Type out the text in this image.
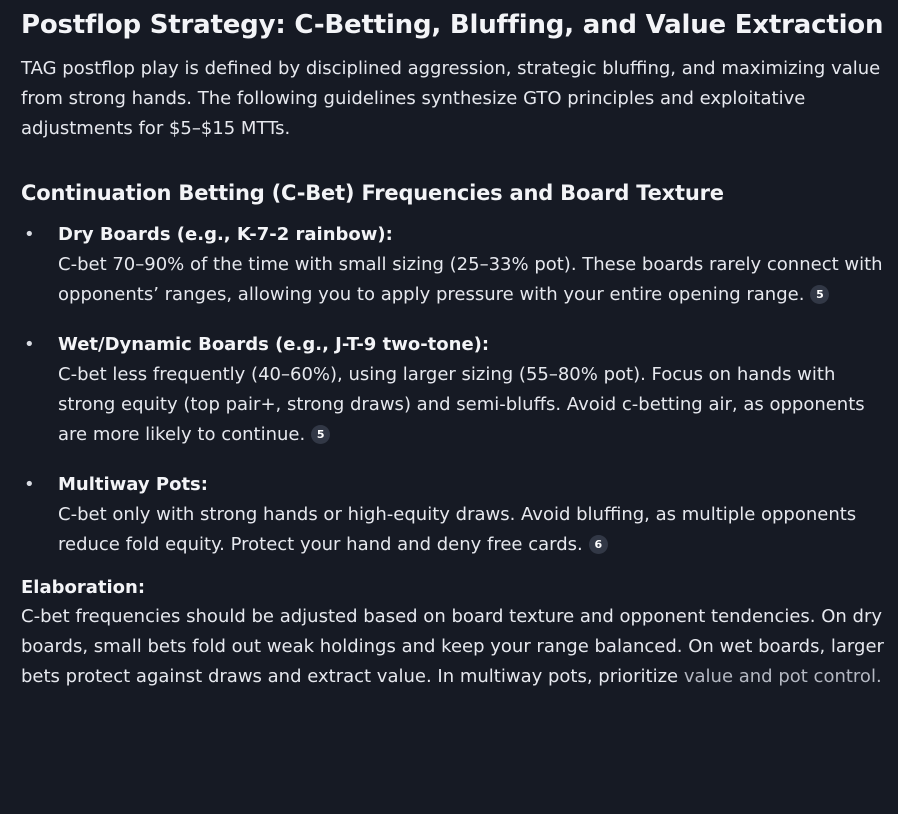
Postflop Strategy: C-Betting, Bluffing, and Value Extraction

TAG postflop play is defined by disciplined aggression, strategic bluffing, and maximizing value from strong hands. The following guidelines synthesize GTO principles and exploitative adjustments for $5–$15 MTTs.

Continuation Betting (C-Bet) Frequencies and Board Texture
• Dry Boards (e.g., K-7-2 rainbow):
C-bet 70–90% of the time with small sizing (25–33% pot). These boards rarely connect with opponents’ ranges, allowing you to apply pressure with your entire opening range. 5
• Wet/Dynamic Boards (e.g., J-T-9 two-tone):
C-bet less frequently (40–60%), using larger sizing (55–80% pot). Focus on hands with strong equity (top pair+, strong draws) and semi-bluffs. Avoid c-betting air, as opponents are more likely to continue. 5
• Multiway Pots:
C-bet only with strong hands or high-equity draws. Avoid bluffing, as multiple opponents reduce fold equity. Protect your hand and deny free cards. 6
Elaboration:

C-bet frequencies should be adjusted based on board texture and opponent tendencies. On dry boards, small bets fold out weak holdings and keep your range balanced. On wet boards, larger bets protect against draws and extract value. In multiway pots, prioritize value and pot control.
